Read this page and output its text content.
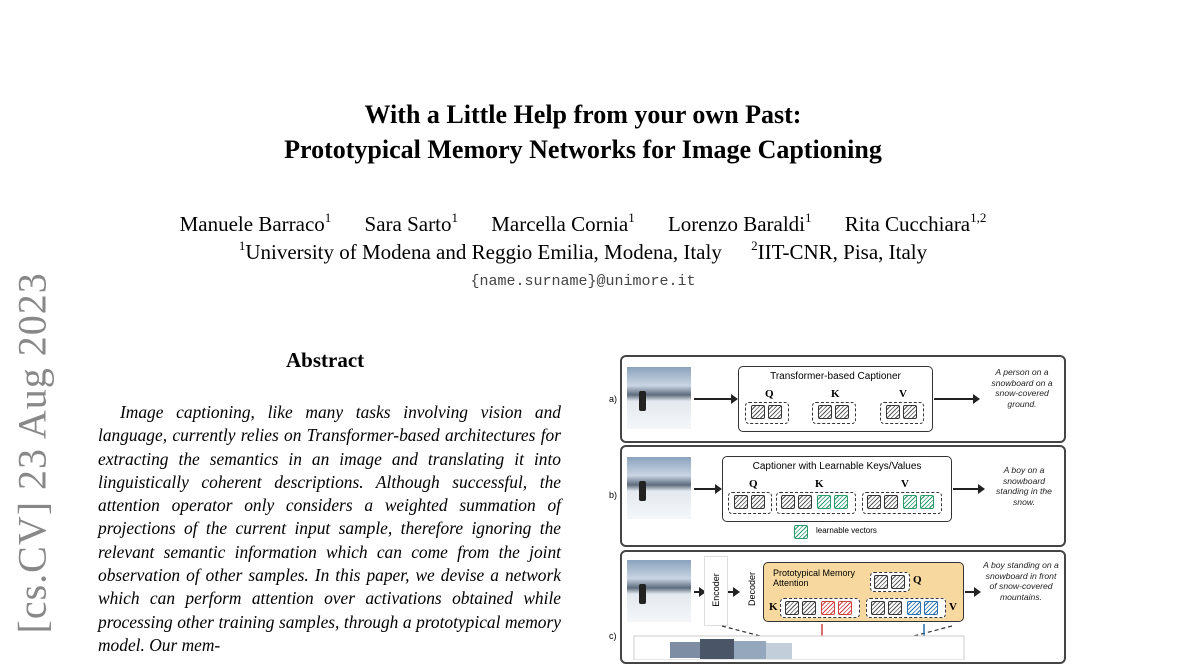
[cs.CV] 23 Aug 2023
With a Little Help from your own Past:
Prototypical Memory Networks for Image Captioning
Manuele Barraco$^1$ Sara Sarto$^1$ Marcella Cornia$^1$ Lorenzo Baraldi$^1$ Rita Cucchiara$^{1,2}$
$^1$University of Modena and Reggio Emilia, Modena, Italy $^2$IIT-CNR, Pisa, Italy
{name.surname}@unimore.it
Abstract

Image captioning, like many tasks involving vision and language, currently relies on Transformer-based architectures for extracting the semantics in an image and translating it into linguistically coherent descriptions. Although successful, the attention operator only considers a weighted summation of projections of the current input sample, therefore ignoring the relevant semantic information which can come from the joint observation of other samples. In this paper, we devise a network which can perform attention over activations obtained while processing other training samples, through a prototypical memory model. Our mem-

a)
Transformer-based Captioner
Q	K	V
A person on a snowboard on a snow-covered ground.
b)
Captioner with Learnable Keys/Values
Q	K	V
A boy on a snowboard standing in the snow.
learnable vectors
c)
Encoder	Decoder Prototypical Memory Attention	Q
K	V
A boy standing on a snowboard in front of snow-covered mountains.
